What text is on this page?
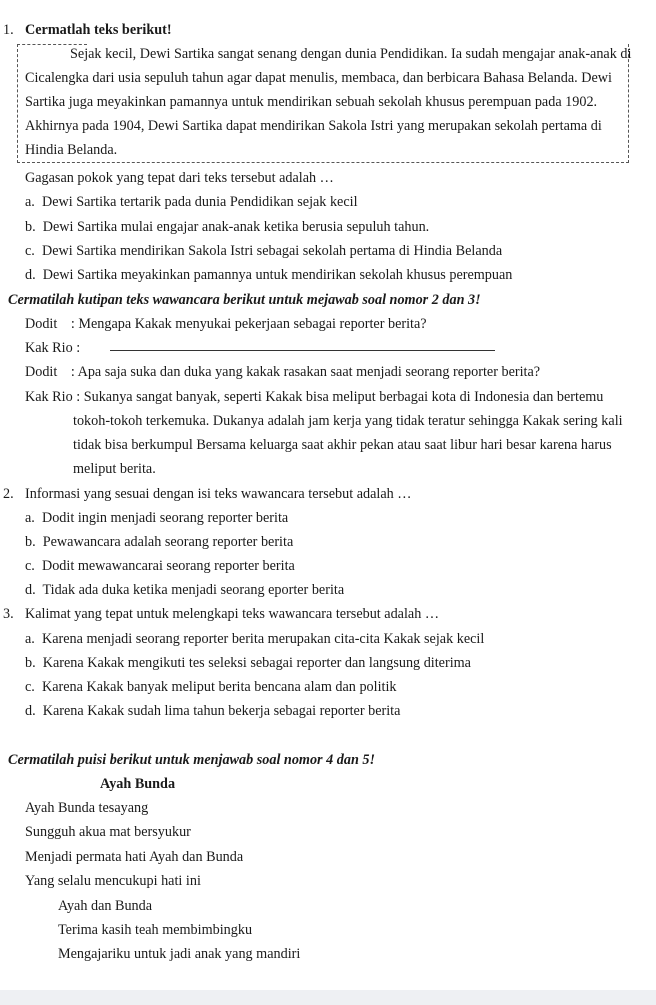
1. Cermatlah teks berikut!
Sejak kecil, Dewi Sartika sangat senang dengan dunia Pendidikan. Ia sudah mengajar anak-anak di
Cicalengka dari usia sepuluh tahun agar dapat menulis, membaca, dan berbicara Bahasa Belanda. Dewi
Sartika juga meyakinkan pamannya untuk mendirikan sebuah sekolah khusus perempuan pada 1902.
Akhirnya pada 1904, Dewi Sartika dapat mendirikan Sakola Istri yang merupakan sekolah pertama di
Hindia Belanda.
Gagasan pokok yang tepat dari teks tersebut adalah …
a. Dewi Sartika tertarik pada dunia Pendidikan sejak kecil
b. Dewi Sartika mulai engajar anak-anak ketika berusia sepuluh tahun.
c. Dewi Sartika mendirikan Sakola Istri sebagai sekolah pertama di Hindia Belanda
d. Dewi Sartika meyakinkan pamannya untuk mendirikan sekolah khusus perempuan
Cermatilah kutipan teks wawancara berikut untuk mejawab soal nomor 2 dan 3!
Dodit : Mengapa Kakak menyukai pekerjaan sebagai reporter berita?
Kak Rio :
Dodit : Apa saja suka dan duka yang kakak rasakan saat menjadi seorang reporter berita?
Kak Rio : Sukanya sangat banyak, seperti Kakak bisa meliput berbagai kota di Indonesia dan bertemu
tokoh-tokoh terkemuka. Dukanya adalah jam kerja yang tidak teratur sehingga Kakak sering kali
tidak bisa berkumpul Bersama keluarga saat akhir pekan atau saat libur hari besar karena harus
meliput berita.
2. Informasi yang sesuai dengan isi teks wawancara tersebut adalah …
a. Dodit ingin menjadi seorang reporter berita
b. Pewawancara adalah seorang reporter berita
c. Dodit mewawancarai seorang reporter berita
d. Tidak ada duka ketika menjadi seorang eporter berita
3. Kalimat yang tepat untuk melengkapi teks wawancara tersebut adalah …
a. Karena menjadi seorang reporter berita merupakan cita-cita Kakak sejak kecil
b. Karena Kakak mengikuti tes seleksi sebagai reporter dan langsung diterima
c. Karena Kakak banyak meliput berita bencana alam dan politik
d. Karena Kakak sudah lima tahun bekerja sebagai reporter berita
Cermatilah puisi berikut untuk menjawab soal nomor 4 dan 5!
Ayah Bunda
Ayah Bunda tesayang
Sungguh akua mat bersyukur
Menjadi permata hati Ayah dan Bunda
Yang selalu mencukupi hati ini
Ayah dan Bunda
Terima kasih teah membimbingku
Mengajariku untuk jadi anak yang mandiri
